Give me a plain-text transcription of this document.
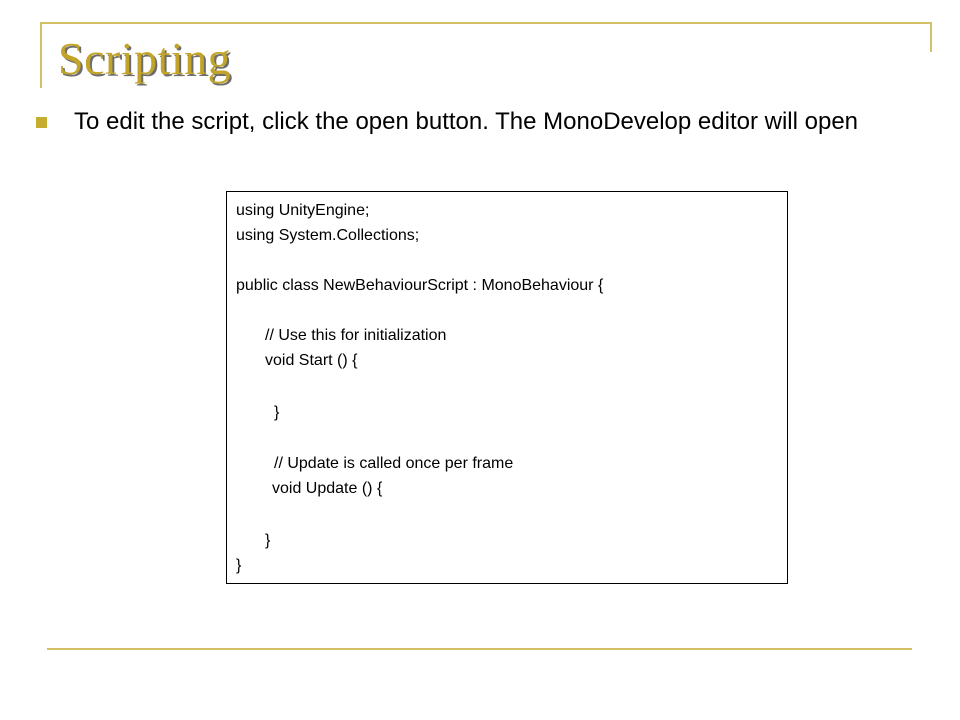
Scripting
To edit the script, click the open button. The MonoDevelop editor will open
using UnityEngine;
using System.Collections;
public class NewBehaviourScript : MonoBehaviour {
// Use this for initialization
void Start () {
}
// Update is called once per frame
void Update () {
}
}
